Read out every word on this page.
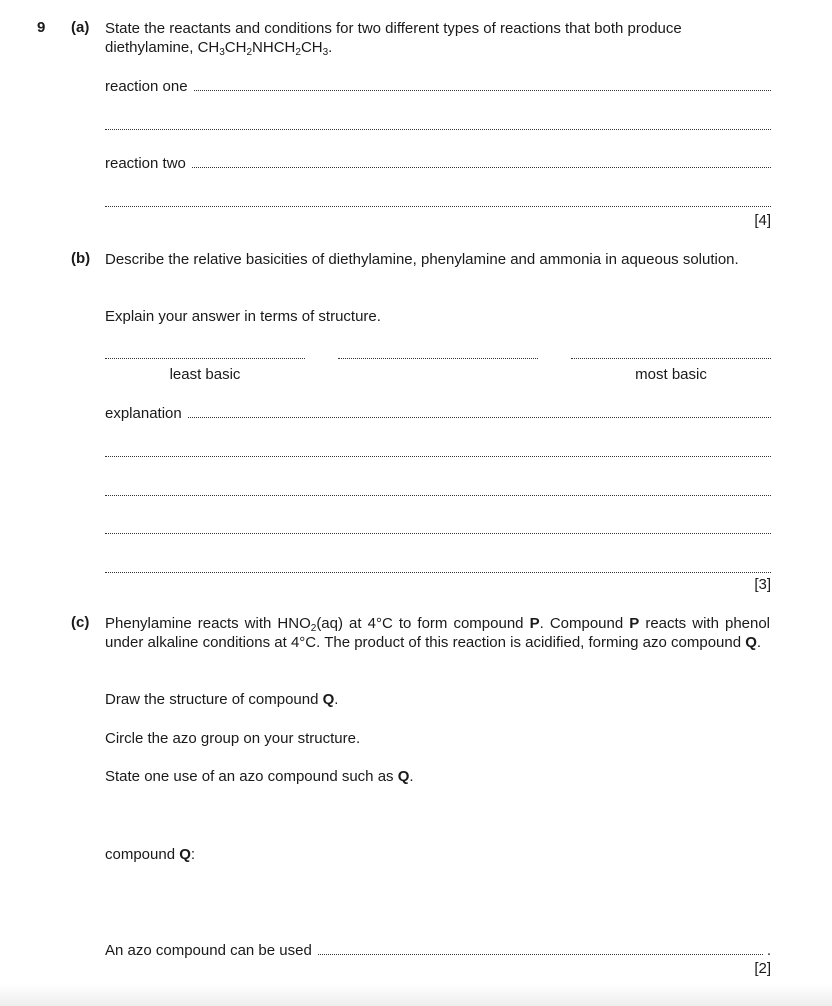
9 (a) State the reactants and conditions for two different types of reactions that both produce
diethylamine, $CH_3CH_2NHCH_2CH_3$.
reaction one
reaction two
[4]
(b) Describe the relative basicities of diethylamine, phenylamine and ammonia in aqueous solution.
Explain your answer in terms of structure.
least basic	most basic
explanation
[3]
(c) Phenylamine reacts with $HNO_2(aq)$ at 4°C to form compound P. Compound P reacts with phenol under alkaline conditions at 4°C. The product of this reaction is acidified, forming azo compound Q.
Draw the structure of compound Q.
Circle the azo group on your structure.
State one use of an azo compound such as Q.
compound Q:
An azo compound can be used	.
[2]
